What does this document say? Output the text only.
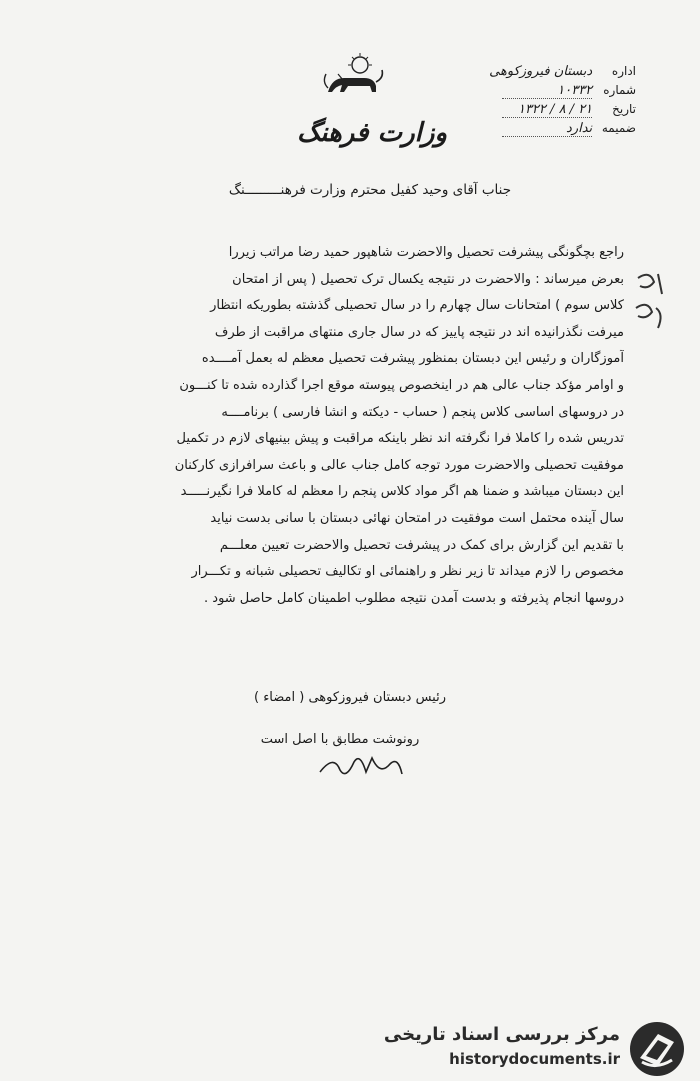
وزارت فرهنگ
اداره دبستان فیروزکوهی
شماره ۱۰۳۳۲
تاریخ ۲۱ / ۸ / ۱۳۲۲
ضمیمه ندارد
جناب آقای وحید کفیل محترم وزارت فرهنـــــــــنگ

راجع بچگونگی پیشرفت تحصیل والاحضرت شاهپور حمید رضا مراتب زیررا

بعرض میرساند : والاحضرت در نتیجه یکسال ترک تحصیل ( پس از امتحان

کلاس سوم ) امتحانات سال چهارم را در سال تحصیلی گذشته بطوریکه انتظار

میرفت نگذرانیده اند در نتیجه پاییز که در سال جاری منتهای مراقبت از طرف

آموزگاران و رئیس این دبستان بمنظور پیشرفت تحصیل معظم له بعمل آمــــده

و اوامر مؤکد جناب عالی هم در اینخصوص پیوسته موقع اجرا گذارده شده تا کنـــون

در دروسهای اساسی کلاس پنجم ( حساب - دیکته و انشا فارسی ) برنامــــه

تدریس شده را کاملا فرا نگرفته اند نظر باینکه مراقبت و پیش بینیهای لازم در تکمیل

موفقیت تحصیلی والاحضرت مورد توجه کامل جناب عالی و باعث سرافرازی کارکنان

این دبستان میباشد و ضمنا هم اگر مواد کلاس پنجم را معظم له کاملا فرا نگیرنـــــد

سال آینده محتمل است موفقیت در امتحان نهائی دبستان با سانی بدست نیاید

با تقدیم این گزارش برای کمک در پیشرفت تحصیل والاحضرت تعیین معلـــم

مخصوص را لازم میداند تا زیر نظر و راهنمائی او تکالیف تحصیلی شبانه و تکـــرار

دروسها انجام پذیرفته و بدست آمدن نتیجه مطلوب اطمینان کامل حاصل شود .

رئیس دبستان فیروزکوهی ( امضاء )
رونوشت مطابق با اصل است
مرکز بررسی اسناد تاریخی
historydocuments.ir
